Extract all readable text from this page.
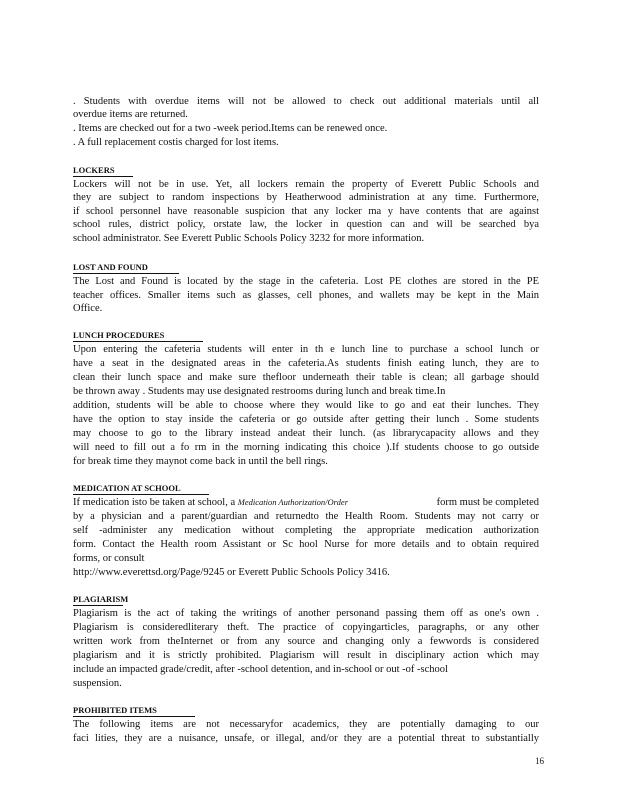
. Students with overdue items will not be allowed to check out additional materials until all
overdue items are returned.
. Items are checked out for a two -week period.Items can be renewed once.
. A full replacement costis charged for lost items.
LOCKERS
Lockers will not be in use. Yet, all lockers remain the property of Everett Public Schools and
they are subject to random inspections by Heatherwood administration at any time. Furthermore,
if school personnel have reasonable suspicion that any locker ma y have contents that are against
school rules, district policy, orstate law, the locker in question can and will be searched bya
school administrator. See Everett Public Schools Policy 3232 for more information.
LOST AND FOUND
The Lost and Found is located by the stage in the cafeteria. Lost PE clothes are stored in the PE
teacher offices. Smaller items such as glasses, cell phones, and wallets may be kept in the Main
Office.
LUNCH PROCEDURES
Upon entering the cafeteria students will enter in th e lunch line to purchase a school lunch or
have a seat in the designated areas in the cafeteria.As students finish eating lunch, they are to
clean their lunch space and make sure thefloor underneath their table is clean; all garbage should
be thrown away . Students may use designated restrooms during lunch and break time.In
addition, students will be able to choose where they would like to go and eat their lunches. They
have the option to stay inside the cafeteria or go outside after getting their lunch . Some students
may choose to go to the library instead andeat their lunch. (as librarycapacity allows and they
will need to fill out a fo rm in the morning indicating this choice ).If students choose to go outside
for break time they maynot come back in until the bell rings.
MEDICATION AT SCHOOL
If medication isto be taken at school, a Medication Authorization/Order	form must be completed
by a physician and a parent/guardian and returnedto the Health Room. Students may not carry or
self -administer any medication without completing the appropriate medication authorization
form. Contact the Health room Assistant or Sc hool Nurse for more details and to obtain required
forms, or consult
http://www.everettsd.org/Page/9245 or Everett Public Schools Policy 3416.
PLAGIARISM
Plagiarism is the act of taking the writings of another personand passing them off as one's own .
Plagiarism is consideredliterary theft. The practice of copyingarticles, paragraphs, or any other
written work from theInternet or from any source and changing only a fewwords is considered
plagiarism and it is strictly prohibited. Plagiarism will result in disciplinary action which may
include an impacted grade/credit, after -school detention, and in-school or out -of -school
suspension.
PROHIBITED ITEMS
The following items are not necessaryfor academics, they are potentially damaging to our
faci lities, they are a nuisance, unsafe, or illegal, and/or they are a potential threat to substantially
16
